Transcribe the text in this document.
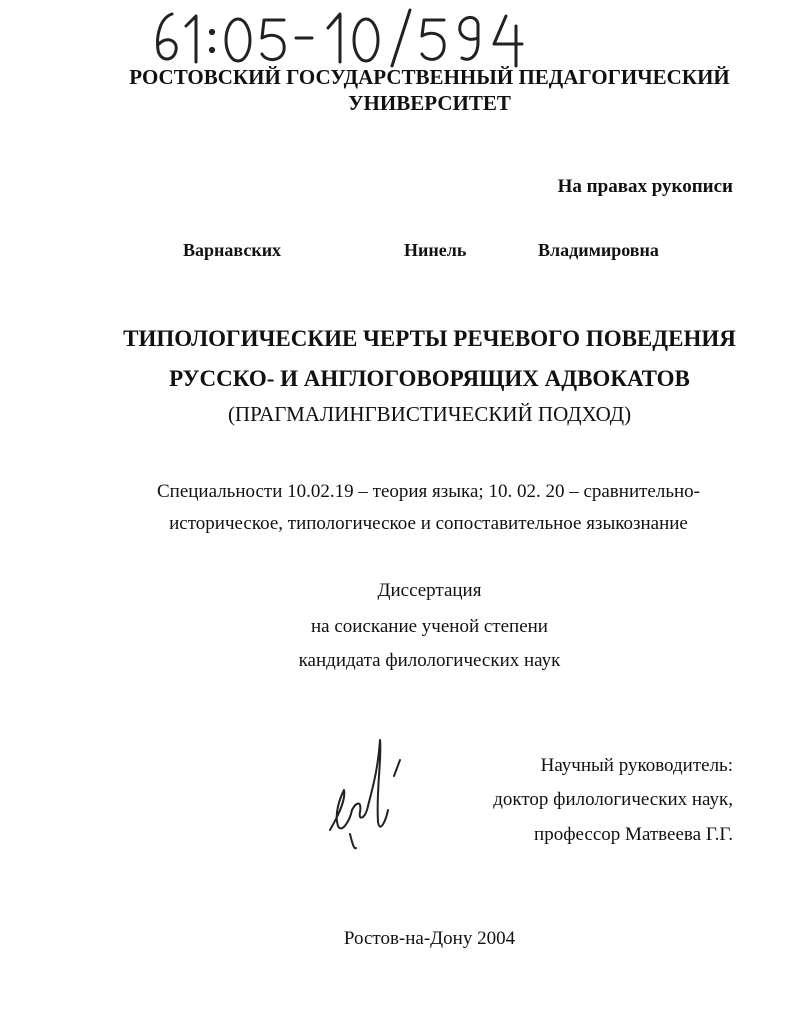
РОСТОВСКИЙ ГОСУДАРСТВЕННЫЙ ПЕДАГОГИЧЕСКИЙ
УНИВЕРСИТЕТ
На правах рукописи
Варнавских	Нинель	Владимировна
ТИПОЛОГИЧЕСКИЕ ЧЕРТЫ РЕЧЕВОГО ПОВЕДЕНИЯ
РУССКО- И АНГЛОГОВОРЯЩИХ АДВОКАТОВ
(ПРАГМАЛИНГВИСТИЧЕСКИЙ ПОДХОД)
Специальности 10.02.19 – теория языка; 10. 02. 20 – сравнительно-
историческое, типологическое и сопоставительное языкознание
Диссертация
на соискание ученой степени
кандидата филологических наук
Научный руководитель:
доктор филологических наук,
профессор Матвеева Г.Г.
Ростов-на-Дону 2004
